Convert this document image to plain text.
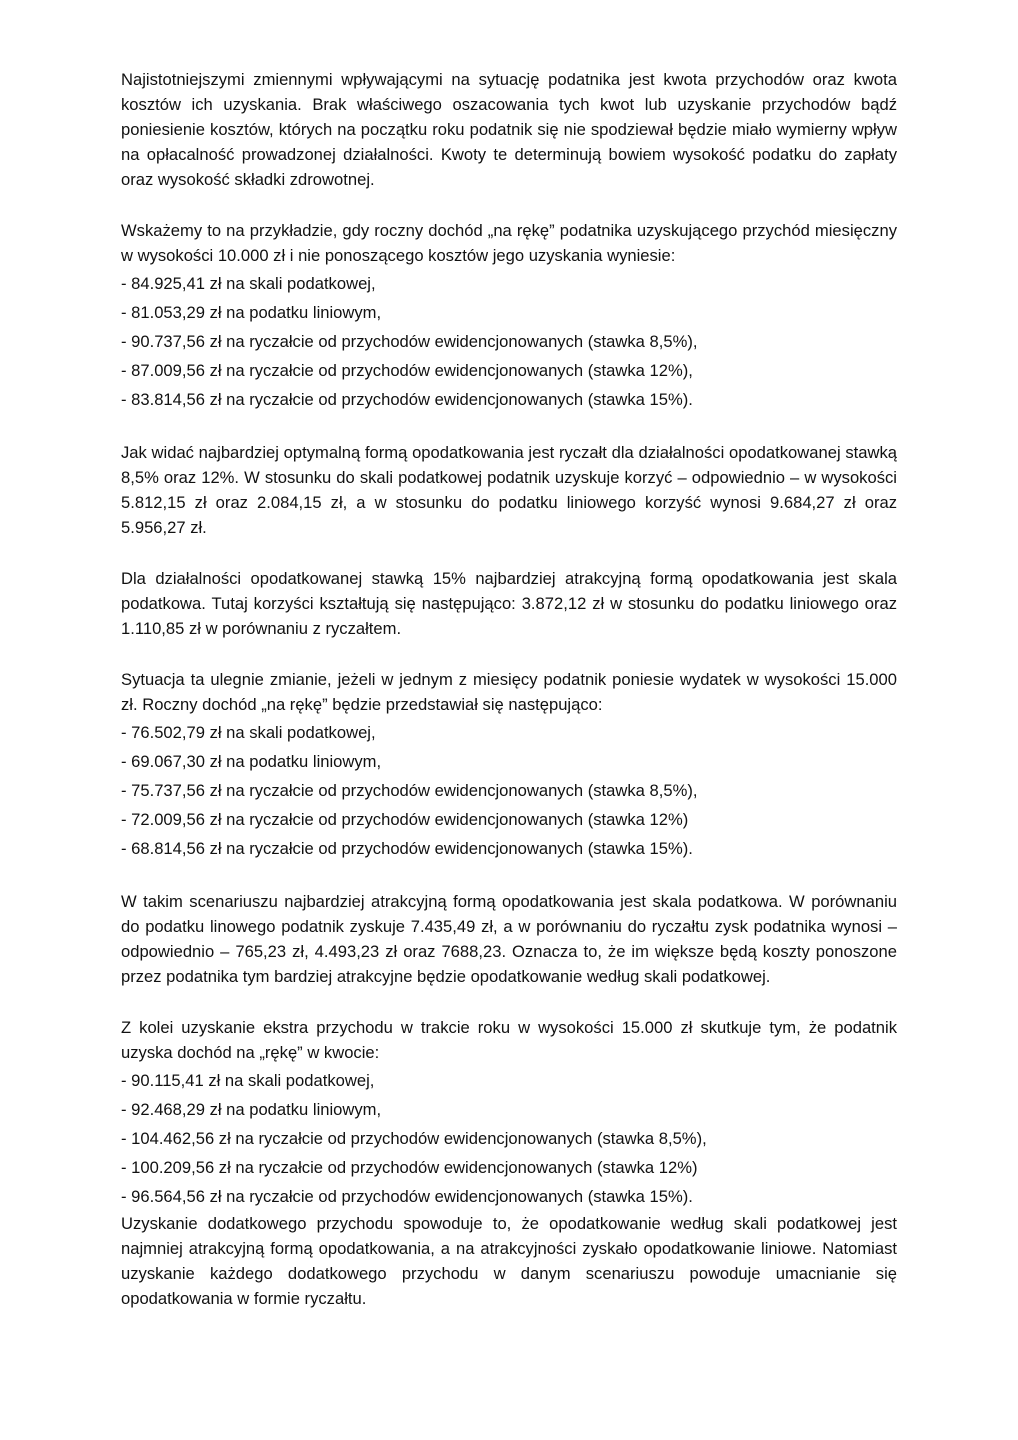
Najistotniejszymi zmiennymi wpływającymi na sytuację podatnika jest kwota przychodów oraz kwota kosztów ich uzyskania. Brak właściwego oszacowania tych kwot lub uzyskanie przychodów bądź poniesienie kosztów, których na początku roku podatnik się nie spodziewał będzie miało wymierny wpływ na opłacalność prowadzonej działalności. Kwoty te determinują bowiem wysokość podatku do zapłaty oraz wysokość składki zdrowotnej.

Wskażemy to na przykładzie, gdy roczny dochód „na rękę” podatnika uzyskującego przychód miesięczny w wysokości 10.000 zł i nie ponoszącego kosztów jego uzyskania wyniesie:

- 84.925,41 zł na skali podatkowej,

- 81.053,29 zł na podatku liniowym,

- 90.737,56 zł na ryczałcie od przychodów ewidencjonowanych (stawka 8,5%),

- 87.009,56 zł na ryczałcie od przychodów ewidencjonowanych (stawka 12%),

- 83.814,56 zł na ryczałcie od przychodów ewidencjonowanych (stawka 15%).

Jak widać najbardziej optymalną formą opodatkowania jest ryczałt dla działalności opodatkowanej stawką 8,5% oraz 12%. W stosunku do skali podatkowej podatnik uzyskuje korzyć – odpowiednio – w wysokości 5.812,15 zł oraz 2.084,15 zł, a w stosunku do podatku liniowego korzyść wynosi 9.684,27 zł oraz 5.956,27 zł.

Dla działalności opodatkowanej stawką 15% najbardziej atrakcyjną formą opodatkowania jest skala podatkowa. Tutaj korzyści kształtują się następująco: 3.872,12 zł w stosunku do podatku liniowego oraz 1.110,85 zł w porównaniu z ryczałtem.

Sytuacja ta ulegnie zmianie, jeżeli w jednym z miesięcy podatnik poniesie wydatek w wysokości 15.000 zł. Roczny dochód „na rękę” będzie przedstawiał się następująco:

- 76.502,79 zł na skali podatkowej,

- 69.067,30 zł na podatku liniowym,

- 75.737,56 zł na ryczałcie od przychodów ewidencjonowanych (stawka 8,5%),

- 72.009,56 zł na ryczałcie od przychodów ewidencjonowanych (stawka 12%)

- 68.814,56 zł na ryczałcie od przychodów ewidencjonowanych (stawka 15%).

W takim scenariuszu najbardziej atrakcyjną formą opodatkowania jest skala podatkowa. W porównaniu do podatku linowego podatnik zyskuje 7.435,49 zł, a w porównaniu do ryczałtu zysk podatnika wynosi – odpowiednio – 765,23 zł, 4.493,23 zł oraz 7688,23. Oznacza to, że im większe będą koszty ponoszone przez podatnika tym bardziej atrakcyjne będzie opodatkowanie według skali podatkowej.

Z kolei uzyskanie ekstra przychodu w trakcie roku w wysokości 15.000 zł skutkuje tym, że podatnik uzyska dochód na „rękę” w kwocie:

- 90.115,41 zł na skali podatkowej,

- 92.468,29 zł na podatku liniowym,

- 104.462,56 zł na ryczałcie od przychodów ewidencjonowanych (stawka 8,5%),

- 100.209,56 zł na ryczałcie od przychodów ewidencjonowanych (stawka 12%)

- 96.564,56 zł na ryczałcie od przychodów ewidencjonowanych (stawka 15%).

Uzyskanie dodatkowego przychodu spowoduje to, że opodatkowanie według skali podatkowej jest najmniej atrakcyjną formą opodatkowania, a na atrakcyjności zyskało opodatkowanie liniowe. Natomiast uzyskanie każdego dodatkowego przychodu w danym scenariuszu powoduje umacnianie się opodatkowania w formie ryczałtu.
